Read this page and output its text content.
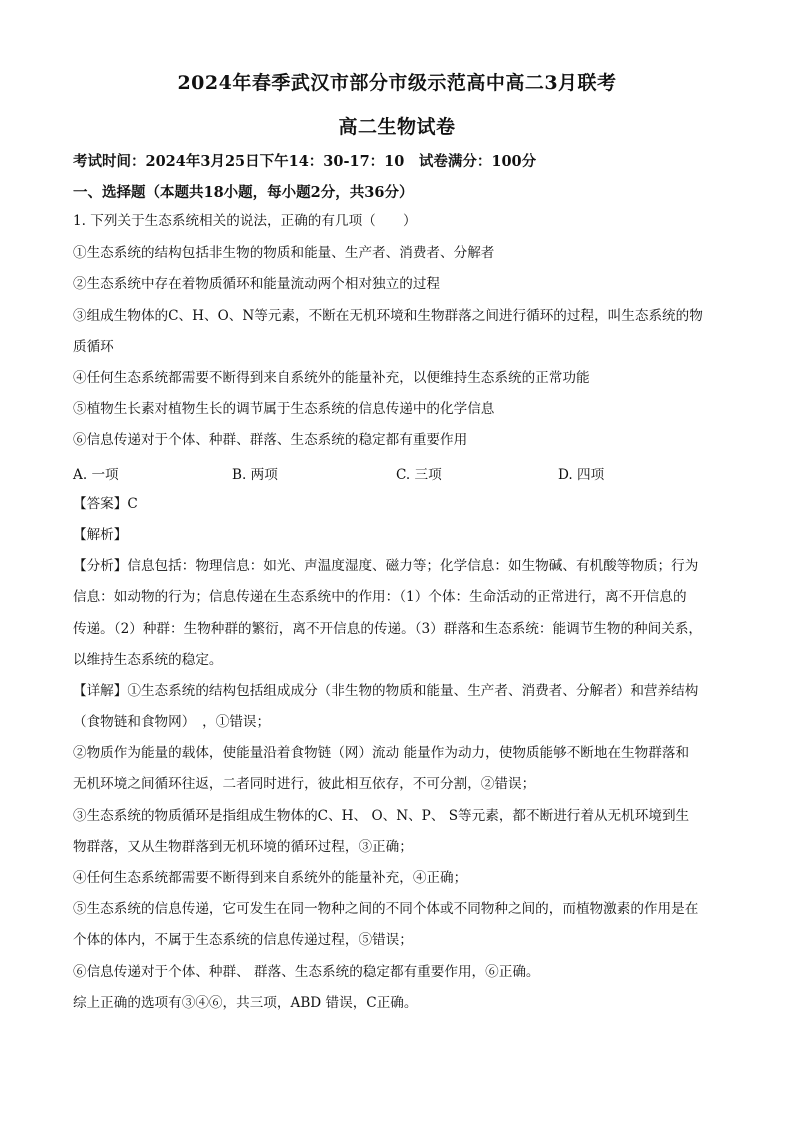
2024年春季武汉市部分市级示范高中高二3月联考
高二生物试卷
考试时间：2024年3月25日下午14：30-17：10　试卷满分：100分
一、选择题（本题共18小题，每小题2分，共36分）
1. 下列关于生态系统相关的说法，正确的有几项（　　）
①生态系统的结构包括非生物的物质和能量、生产者、消费者、分解者
②生态系统中存在着物质循环和能量流动两个相对独立的过程
③组成生物体的C、H、O、N等元素，不断在无机环境和生物群落之间进行循环的过程，叫生态系统的物
质循环
④任何生态系统都需要不断得到来自系统外的能量补充，以便维持生态系统的正常功能
⑤植物生长素对植物生长的调节属于生态系统的信息传递中的化学信息
⑥信息传递对于个体、种群、群落、生态系统的稳定都有重要作用
A. 一项	B. 两项	C. 三项	D. 四项
【答案】C
【解析】
【分析】信息包括：物理信息：如光、声温度湿度、磁力等；化学信息：如生物碱、有机酸等物质；行为
信息：如动物的行为；信息传递在生态系统中的作用：（1）个体：生命活动的正常进行，离不开信息的
传递。（2）种群：生物种群的繁衍，离不开信息的传递。（3）群落和生态系统：能调节生物的种间关系，
以维持生态系统的稳定。
【详解】①生态系统的结构包括组成成分（非生物的物质和能量、生产者、消费者、分解者）和营养结构
（食物链和食物网）　，①错误；
②物质作为能量的载体，使能量沿着食物链（网）流动 能量作为动力，使物质能够不断地在生物群落和
无机环境之间循环往返，二者同时进行，彼此相互依存，不可分割，②错误；
③生态系统的物质循环是指组成生物体的C、H、 O、N、P、 S等元素，都不断进行着从无机环境到生
物群落，又从生物群落到无机环境的循环过程，③正确；
④任何生态系统都需要不断得到来自系统外的能量补充，④正确；
⑤生态系统的信息传递，它可发生在同一物种之间的不同个体或不同物种之间的，而植物激素的作用是在
个体的体内，不属于生态系统的信息传递过程，⑤错误；
⑥信息传递对于个体、种群、 群落、生态系统的稳定都有重要作用，⑥正确。
综上正确的选项有③④⑥，共三项，ABD 错误，C正确。
